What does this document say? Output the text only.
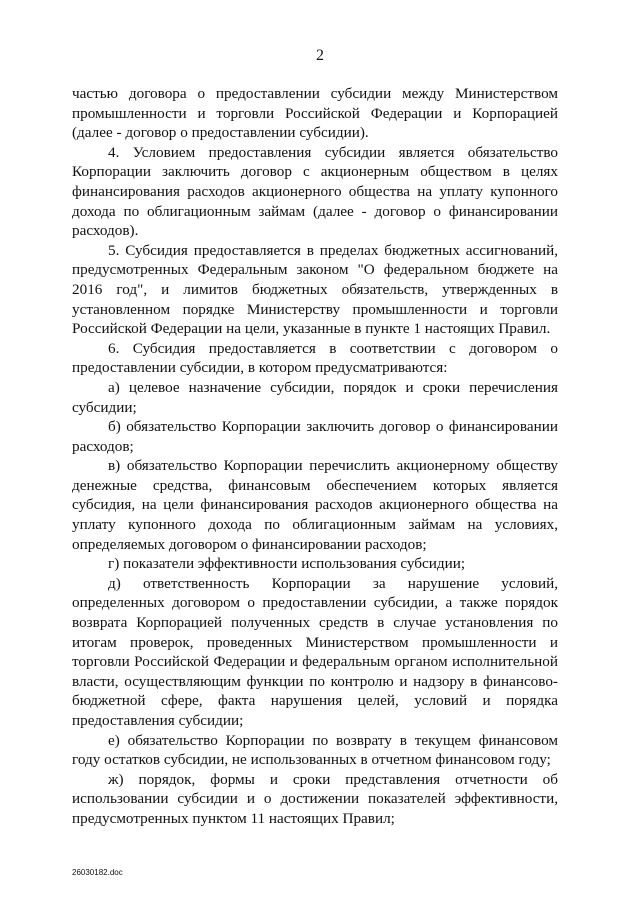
2

частью договора о предоставлении субсидии между Министерством промышленности и торговли Российской Федерации и Корпорацией (далее - договор о предоставлении субсидии).

4. Условием предоставления субсидии является обязательство Корпорации заключить договор с акционерным обществом в целях финансирования расходов акционерного общества на уплату купонного дохода по облигационным займам (далее - договор о финансировании расходов).

5. Субсидия предоставляется в пределах бюджетных ассигнований, предусмотренных Федеральным законом "О федеральном бюджете на 2016 год", и лимитов бюджетных обязательств, утвержденных в установленном порядке Министерству промышленности и торговли Российской Федерации на цели, указанные в пункте 1 настоящих Правил.

6. Субсидия предоставляется в соответствии с договором о предоставлении субсидии, в котором предусматриваются:

а) целевое назначение субсидии, порядок и сроки перечисления субсидии;

б) обязательство Корпорации заключить договор о финансировании расходов;

в) обязательство Корпорации перечислить акционерному обществу денежные средства, финансовым обеспечением которых является субсидия, на цели финансирования расходов акционерного общества на уплату купонного дохода по облигационным займам на условиях, определяемых договором о финансировании расходов;

г) показатели эффективности использования субсидии;

д) ответственность Корпорации за нарушение условий, определенных договором о предоставлении субсидии, а также порядок возврата Корпорацией полученных средств в случае установления по итогам проверок, проведенных Министерством промышленности и торговли Российской Федерации и федеральным органом исполнительной власти, осуществляющим функции по контролю и надзору в финансово-бюджетной сфере, факта нарушения целей, условий и порядка предоставления субсидии;

е) обязательство Корпорации по возврату в текущем финансовом году остатков субсидии, не использованных в отчетном финансовом году;

ж) порядок, формы и сроки представления отчетности об использовании субсидии и о достижении показателей эффективности, предусмотренных пунктом 11 настоящих Правил;

26030182.doc
